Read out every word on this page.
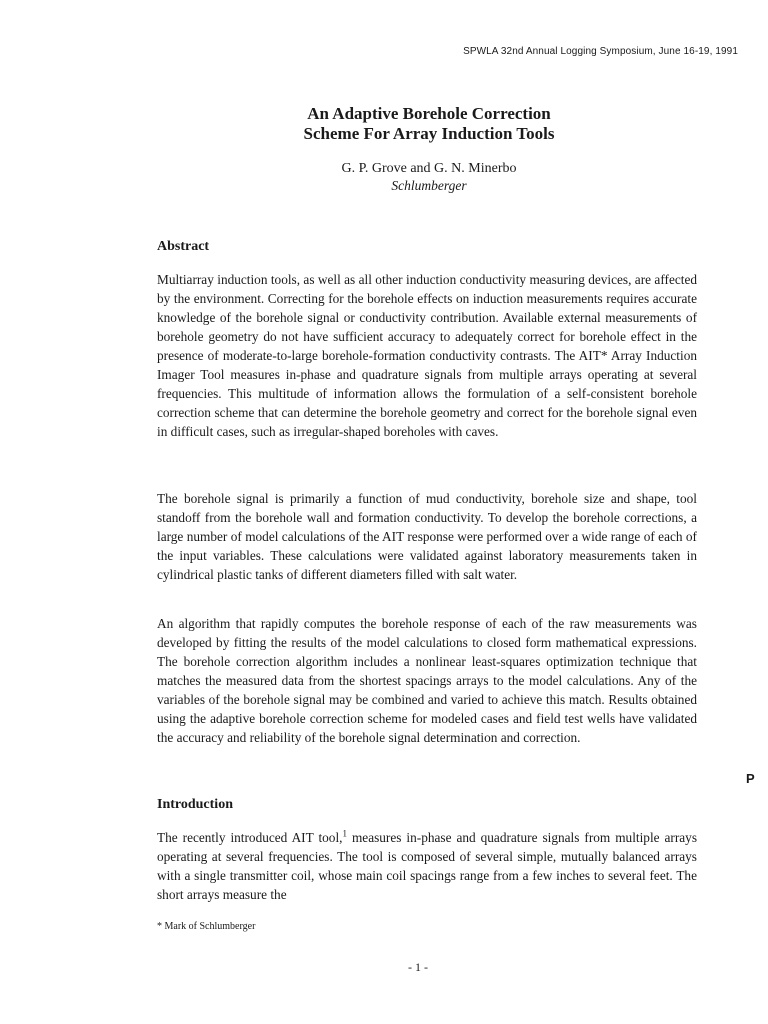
SPWLA 32nd Annual Logging Symposium, June 16-19, 1991
An Adaptive Borehole Correction
Scheme For Array Induction Tools
G. P. Grove and G. N. Minerbo
Schlumberger
Abstract
Multiarray induction tools, as well as all other induction conductivity measuring devices, are affected by the environment. Correcting for the borehole effects on induction measurements requires accurate knowledge of the borehole signal or conductivity contribution. Available external measurements of borehole geometry do not have sufficient accuracy to adequately correct for borehole effect in the presence of moderate-to-large borehole-formation conductivity contrasts. The AIT* Array Induction Imager Tool measures in-phase and quadrature signals from multiple arrays operating at several frequencies. This multitude of information allows the formulation of a self-consistent borehole correction scheme that can determine the borehole geometry and correct for the borehole signal even in difficult cases, such as irregular-shaped boreholes with caves.
The borehole signal is primarily a function of mud conductivity, borehole size and shape, tool standoff from the borehole wall and formation conductivity. To develop the borehole corrections, a large number of model calculations of the AIT response were performed over a wide range of each of the input variables. These calculations were validated against laboratory measurements taken in cylindrical plastic tanks of different diameters filled with salt water.
An algorithm that rapidly computes the borehole response of each of the raw measurements was developed by fitting the results of the model calculations to closed form mathematical expressions. The borehole correction algorithm includes a nonlinear least-squares optimization technique that matches the measured data from the shortest spacings arrays to the model calculations. Any of the variables of the borehole signal may be combined and varied to achieve this match. Results obtained using the adaptive borehole correction scheme for modeled cases and field test wells have validated the accuracy and reliability of the borehole signal determination and correction.
P
Introduction
The recently introduced AIT tool,$^1$ measures in-phase and quadrature signals from multiple arrays operating at several frequencies. The tool is composed of several simple, mutually balanced arrays with a single transmitter coil, whose main coil spacings range from a few inches to several feet. The short arrays measure the
* Mark of Schlumberger
- 1 -
